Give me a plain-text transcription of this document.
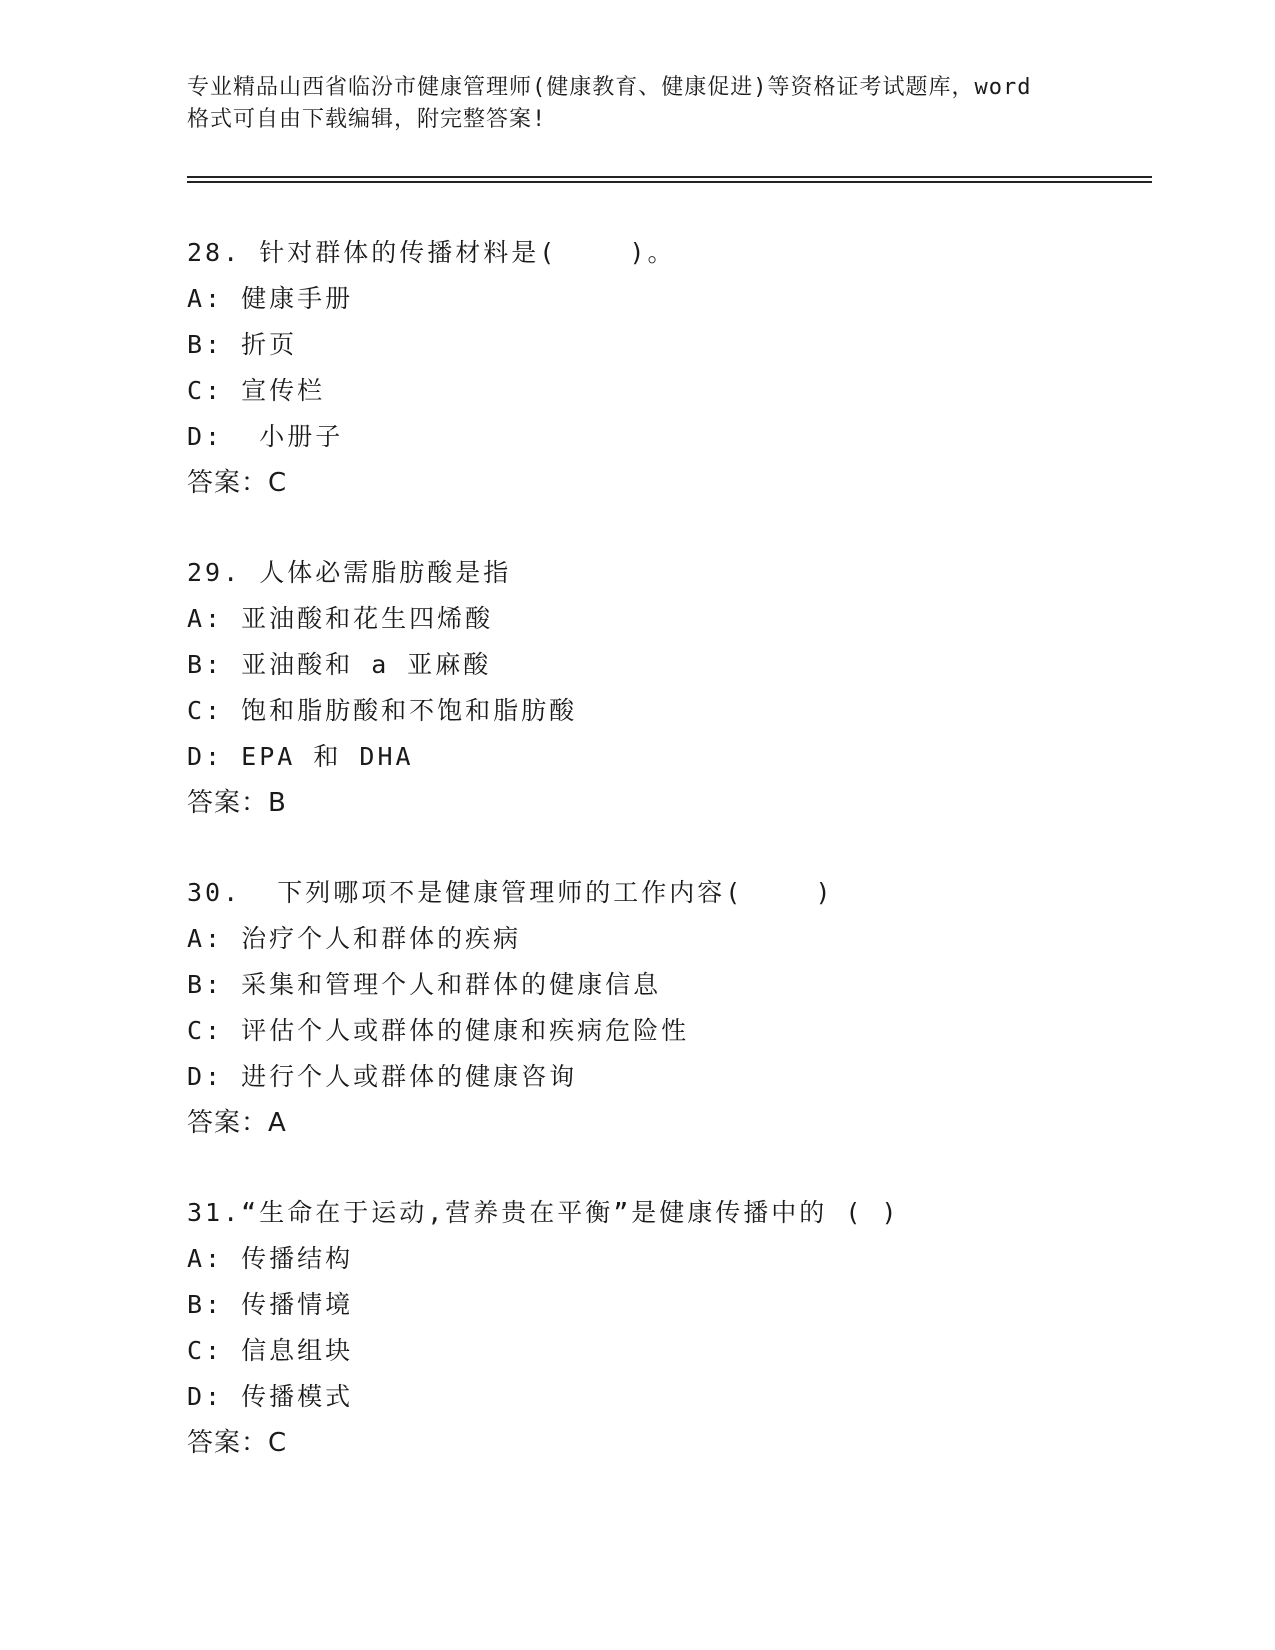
专业精品山西省临汾市健康管理师(健康教育、健康促进)等资格证考试题库，word
格式可自由下载编辑，附完整答案!
28. 针对群体的传播材料是(    )。
A: 健康手册
B: 折页
C: 宣传栏
D:  小册子
答案：C
29. 人体必需脂肪酸是指
A: 亚油酸和花生四烯酸
B: 亚油酸和 a 亚麻酸
C: 饱和脂肪酸和不饱和脂肪酸
D: EPA 和 DHA
答案：B
30.  下列哪项不是健康管理师的工作内容(    )
A: 治疗个人和群体的疾病
B: 采集和管理个人和群体的健康信息
C: 评估个人或群体的健康和疾病危险性
D: 进行个人或群体的健康咨询
答案：A
31.“生命在于运动,营养贵在平衡”是健康传播中的 ( )
A: 传播结构
B: 传播情境
C: 信息组块
D: 传播模式
答案：C
